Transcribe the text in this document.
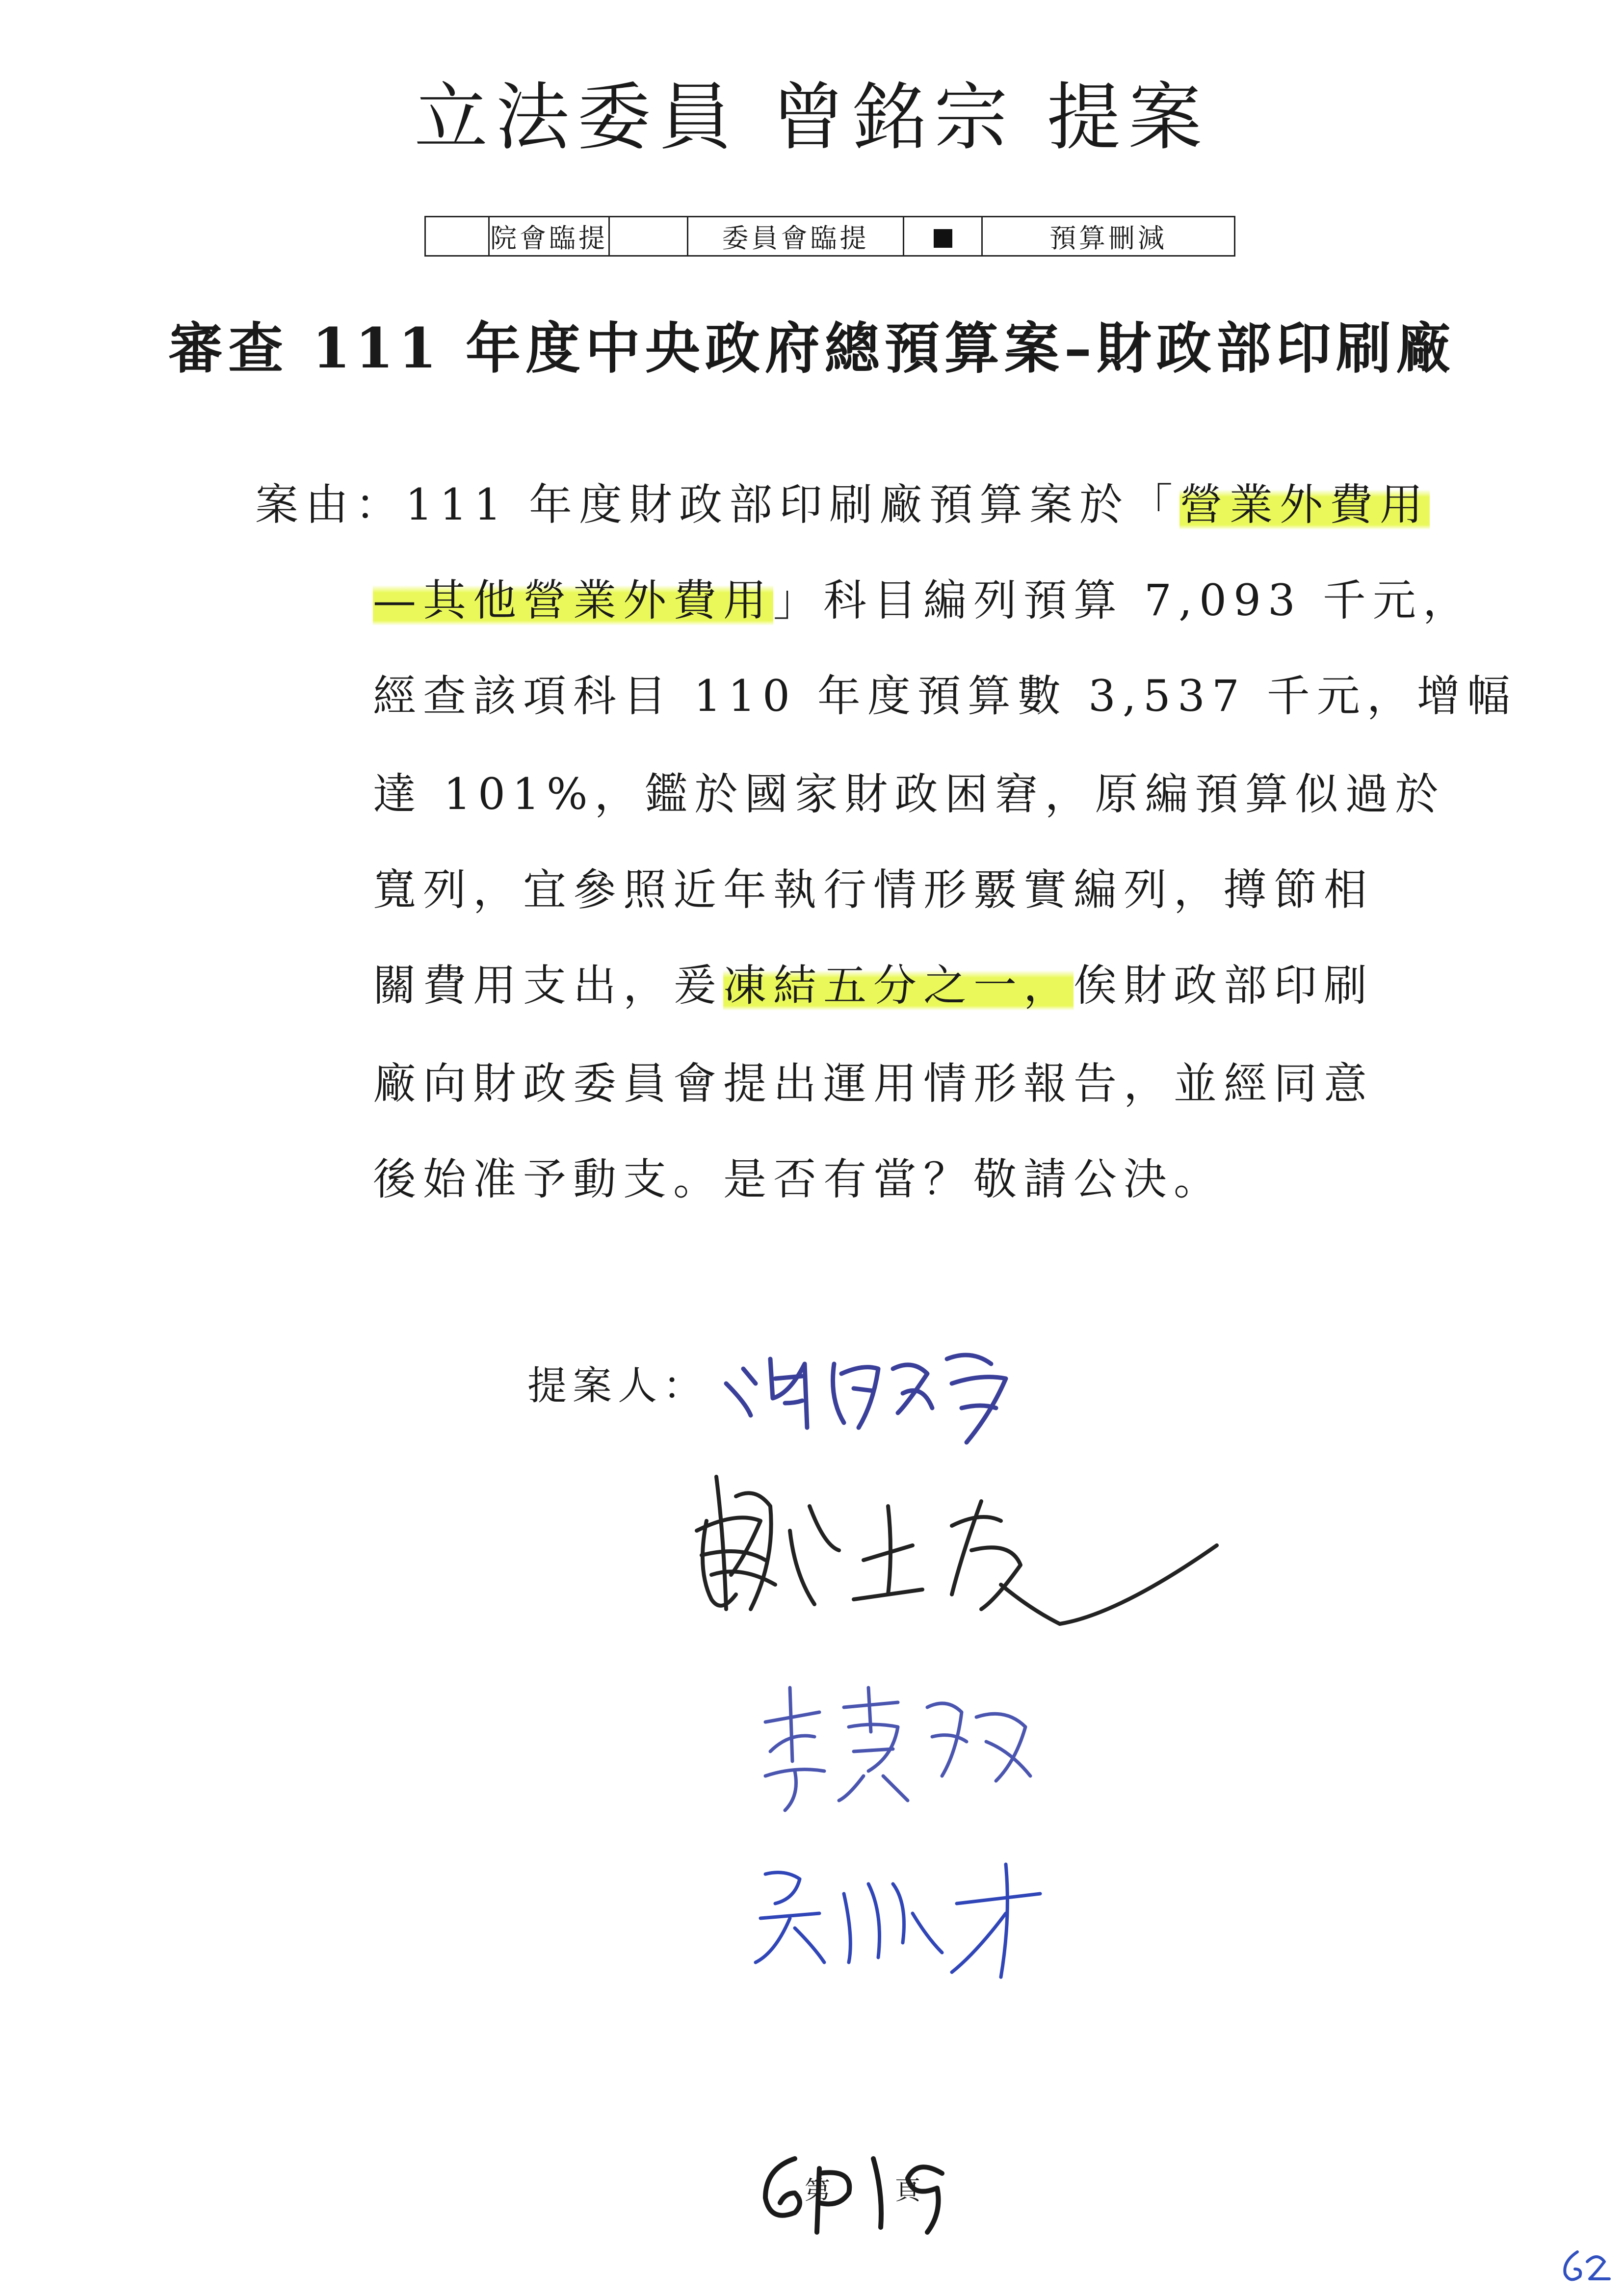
立法委員 曾銘宗 提案
	院會臨提		委員會臨提		預算刪減
審查 111 年度中央政府總預算案–財政部印刷廠
案由：111 年度財政部印刷廠預算案於「營業外費用
—其他營業外費用」科目編列預算 7,093 千元，
經查該項科目 110 年度預算數 3,537 千元，增幅
達 101%，鑑於國家財政困窘，原編預算似過於
寬列，宜參照近年執行情形覈實編列，撙節相
關費用支出，爰凍結五分之一，俟財政部印刷
廠向財政委員會提出運用情形報告，並經同意
後始准予動支。是否有當？敬請公決。
提案人：
第　頁
